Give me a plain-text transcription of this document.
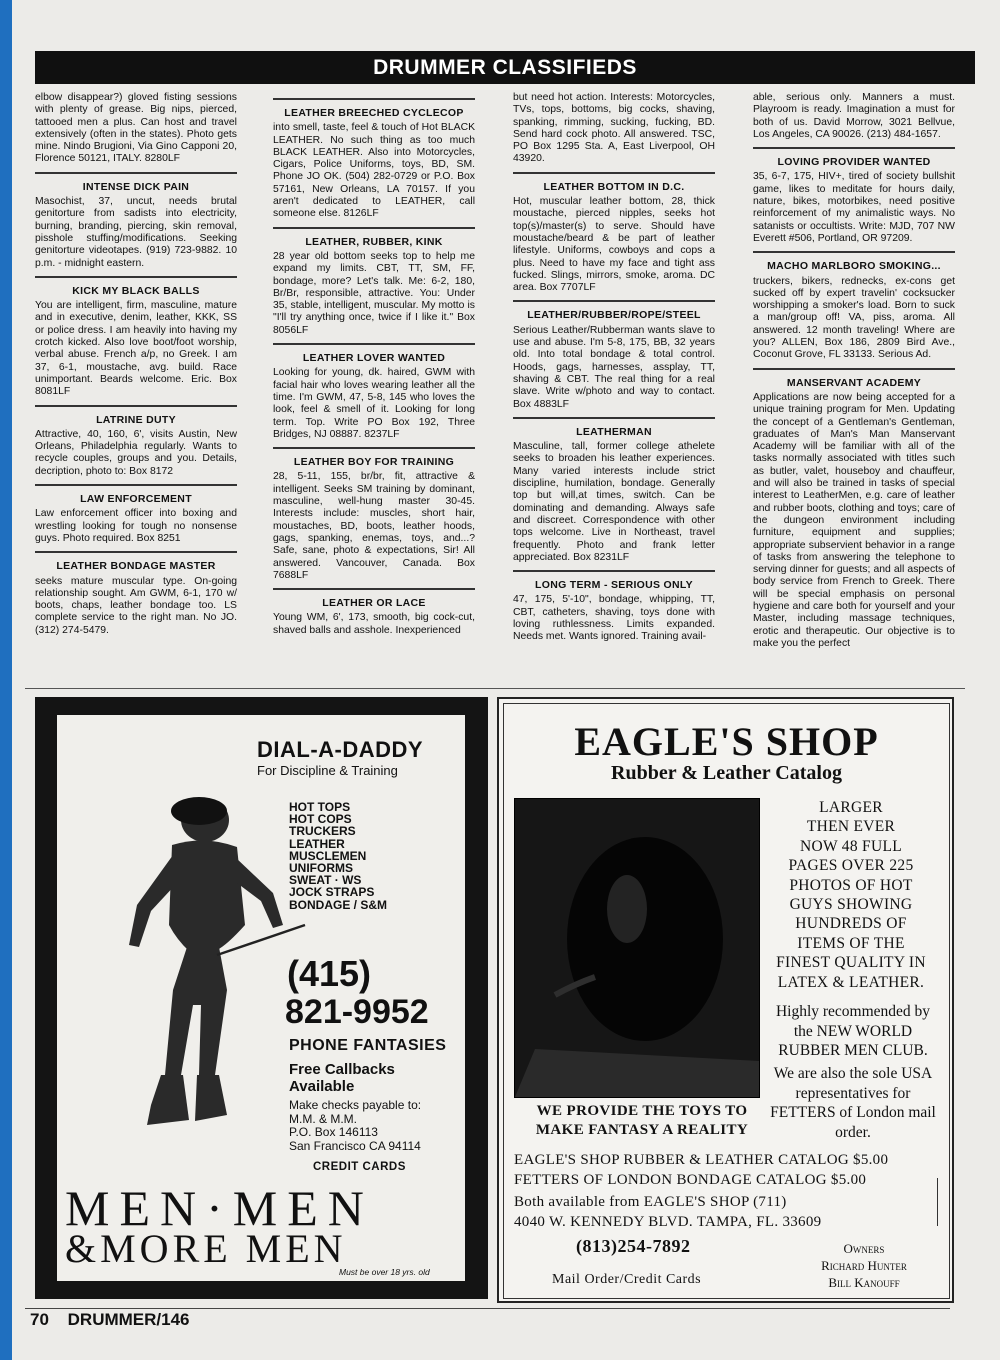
DRUMMER CLASSIFIEDS
elbow disappear?) gloved fisting sessions with plenty of grease. Big nips, pierced, tattooed men a plus. Can host and travel extensively (often in the states). Photo gets mine. Nindo Brugioni, Via Gino Capponi 20, Florence 50121, ITALY. 8280LF
INTENSE DICK PAIN
Masochist, 37, uncut, needs brutal genitorture from sadists into electricity, burning, branding, piercing, skin removal, pisshole stuffing/modifications. Seeking genitorture videotapes. (919) 723-9882. 10 p.m. - midnight eastern.
KICK MY BLACK BALLS
You are intelligent, firm, masculine, mature and in executive, denim, leather, KKK, SS or police dress. I am heavily into having my crotch kicked. Also love boot/foot worship, verbal abuse. French a/p, no Greek. I am 37, 6-1, moustache, avg. build. Race unimportant. Beards welcome. Eric. Box 8081LF
LATRINE DUTY
Attractive, 40, 160, 6', visits Austin, New Orleans, Philadelphia regularly. Wants to recycle couples, groups and you. Details, decription, photo to: Box 8172
LAW ENFORCEMENT
Law enforcement officer into boxing and wrestling looking for tough no nonsense guys. Photo required. Box 8251
LEATHER BONDAGE MASTER
seeks mature muscular type. On-going relationship sought. Am GWM, 6-1, 170 w/ boots, chaps, leather bondage too. LS complete service to the right man. No JO. (312) 274-5479.
LEATHER BREECHED CYCLECOP
into smell, taste, feel & touch of Hot BLACK LEATHER. No such thing as too much BLACK LEATHER. Also into Motorcycles, Cigars, Police Uniforms, toys, BD, SM. Phone JO OK. (504) 282-0729 or P.O. Box 57161, New Orleans, LA 70157. If you aren't dedicated to LEATHER, call someone else. 8126LF
LEATHER, RUBBER, KINK
28 year old bottom seeks top to help me expand my limits. CBT, TT, SM, FF, bondage, more? Let's talk. Me: 6-2, 180, Br/Br, responsible, attractive. You: Under 35, stable, intelligent, muscular. My motto is "I'll try anything once, twice if I like it." Box 8056LF
LEATHER LOVER WANTED
Looking for young, dk. haired, GWM with facial hair who loves wearing leather all the time. I'm GWM, 47, 5-8, 145 who loves the look, feel & smell of it. Looking for long term. Top. Write PO Box 192, Three Bridges, NJ 08887. 8237LF
LEATHER BOY FOR TRAINING
28, 5-11, 155, br/br, fit, attractive & intelligent. Seeks SM training by dominant, masculine, well-hung master 30-45. Interests include: muscles, short hair, moustaches, BD, boots, leather hoods, gags, spanking, enemas, toys, and...? Safe, sane, photo & expectations, Sir! All answered. Vancouver, Canada. Box 7688LF
LEATHER OR LACE
Young WM, 6', 173, smooth, big cock-cut, shaved balls and asshole. Inexperienced
but need hot action. Interests: Motorcycles, TVs, tops, bottoms, big cocks, shaving, spanking, rimming, sucking, fucking, BD. Send hard cock photo. All answered. TSC, PO Box 1295 Sta. A, East Liverpool, OH 43920.
LEATHER BOTTOM IN D.C.
Hot, muscular leather bottom, 28, thick moustache, pierced nipples, seeks hot top(s)/master(s) to serve. Should have moustache/beard & be part of leather lifestyle. Uniforms, cowboys and cops a plus. Need to have my face and tight ass fucked. Slings, mirrors, smoke, aroma. DC area. Box 7707LF
LEATHER/RUBBER/ROPE/STEEL
Serious Leather/Rubberman wants slave to use and abuse. I'm 5-8, 175, BB, 32 years old. Into total bondage & total control. Hoods, gags, harnesses, assplay, TT, shaving & CBT. The real thing for a real slave. Write w/photo and way to contact. Box 4883LF
LEATHERMAN
Masculine, tall, former college athelete seeks to broaden his leather experiences. Many varied interests include strict discipline, humilation, bondage. Generally top but will,at times, switch. Can be dominating and demanding. Always safe and discreet. Correspondence with other tops welcome. Live in Northeast, travel frequently. Photo and frank letter appreciated. Box 8231LF
LONG TERM - SERIOUS ONLY
47, 175, 5'-10", bondage, whipping, TT, CBT, catheters, shaving, toys done with loving ruthlessness. Limits expanded. Needs met. Wants ignored. Training avail-
able, serious only. Manners a must. Playroom is ready. Imagination a must for both of us. David Morrow, 3021 Bellvue, Los Angeles, CA 90026. (213) 484-1657.
LOVING PROVIDER WANTED
35, 6-7, 175, HIV+, tired of society bullshit game, likes to meditate for hours daily, nature, bikes, motorbikes, need positive reinforcement of my animalistic ways. No satanists or occultists. Write: MJD, 707 NW Everett #506, Portland, OR 97209.
MACHO MARLBORO SMOKING...
truckers, bikers, rednecks, ex-cons get sucked off by expert travelin' cocksucker worshipping a smoker's load. Born to suck a man/group off! VA, piss, aroma. All answered. 12 month traveling! Where are you? ALLEN, Box 186, 2809 Bird Ave., Coconut Grove, FL 33133. Serious Ad.
MANSERVANT ACADEMY
Applications are now being accepted for a unique training program for Men. Updating the concept of a Gentleman's Gentleman, graduates of Man's Man Manservant Academy will be familiar with all of the tasks normally associated with titles such as butler, valet, houseboy and chauffeur, and will also be trained in tasks of special interest to LeatherMen, e.g. care of leather and rubber boots, clothing and toys; care of the dungeon environment including furniture, equipment and supplies; appropriate subservient behavior in a range of tasks from answering the telephone to serving dinner for guests; and all aspects of body service from French to Greek. There will be special emphasis on personal hygiene and care both for yourself and your Master, including massage techniques, erotic and therapeutic. Our objective is to make you the perfect
DIAL-A-DADDY
For Discipline & Training
HOT TOPS
HOT COPS
TRUCKERS
LEATHER
MUSCLEMEN
UNIFORMS
SWEAT · WS
JOCK STRAPS
BONDAGE / S&M
(415)
821-9952
PHONE FANTASIES
Free Callbacks
Available
Make checks payable to:
M.M. & M.M.
P.O. Box 146113
San Francisco CA 94114
CREDIT CARDS
MEN·MEN
&MORE MEN
Must be over 18 yrs. old
EAGLE'S SHOP
Rubber & Leather Catalog
LARGER
THEN EVER
NOW 48 FULL
PAGES OVER 225
PHOTOS OF HOT
GUYS SHOWING
HUNDREDS OF
ITEMS OF THE
FINEST QUALITY IN
LATEX & LEATHER.
Highly recommended by the NEW WORLD RUBBER MEN CLUB.
We are also the sole USA representatives for FETTERS of London mail order.
WE PROVIDE THE TOYS TO MAKE FANTASY A REALITY
EAGLE'S SHOP RUBBER & LEATHER CATALOG $5.00
FETTERS OF LONDON BONDAGE CATALOG $5.00
Both available from EAGLE'S SHOP (711)
4040 W. KENNEDY BLVD. TAMPA, FL. 33609
(813)254-7892
Mail Order/Credit Cards
Owners
Richard Hunter
Bill Kanouff
70 DRUMMER/146
